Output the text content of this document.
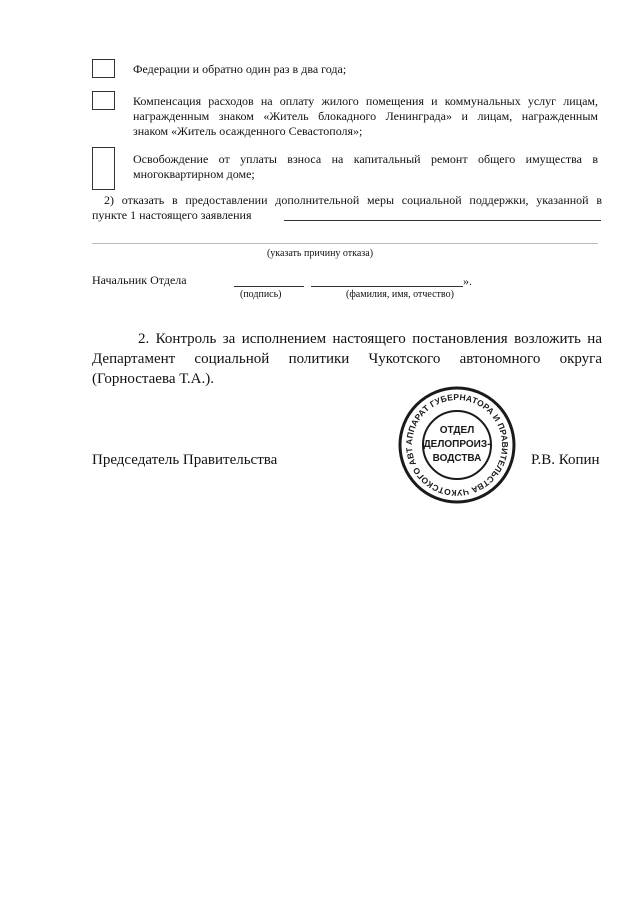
Федерации и обратно один раз в два года;
Компенсация расходов на оплату жилого помещения и коммунальных услуг лицам,
награжденным знаком «Житель блокадного Ленинграда» и лицам, награжденным
знаком «Житель осажденного Севастополя»;
Освобождение от уплаты взноса на капитальный ремонт общего имущества в
многоквартирном доме;
2) отказать в предоставлении дополнительной меры социальной поддержки, указанной в
пункте 1 настоящего заявления
(указать причину отказа)
Начальник Отдела	».
(подпись)	(фамилия, имя, отчество)
2. Контроль за исполнением настоящего постановления возложить на
Департамент социальной политики Чукотского автономного округа
(Горностаева Т.А.).
АППАРАТ ГУБЕРНАТОРА И ПРАВИТЕЛЬСТВА ЧУКОТСКОГО АВТ
ОТДЕЛ
ДЕЛОПРОИЗ-
ВОДСТВА
Председатель Правительства	Р.В. Копин
